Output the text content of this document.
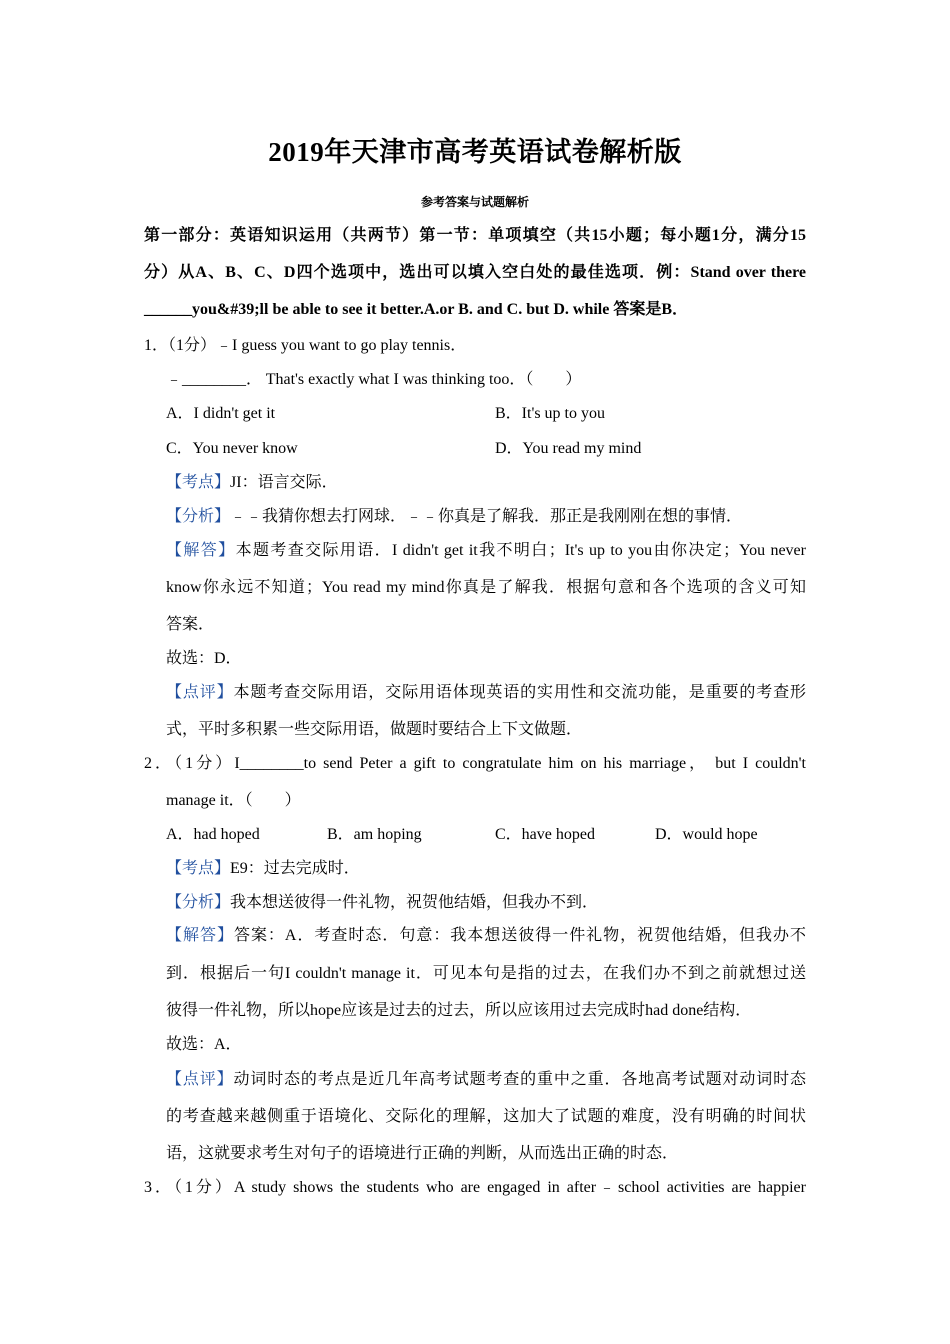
2019年天津市高考英语试卷解析版
参考答案与试题解析
第一部分：英语知识运用（共两节）第一节：单项填空（共15小题；每小题1分，满分15
分）从A、B、C、D四个选项中，选出可以填入空白处的最佳选项．例：Stand over there
______you&#39;ll be able to see it better.A.or B. and C. but D. while 答案是B．
1．（1分）﹣I guess you want to go play tennis．
﹣________． That's exactly what I was thinking too．（　　）
A．I didn't get it	B．It's up to you
C．You never know	D．You read my mind
【考点】JI：语言交际．
【分析】﹣﹣我猜你想去打网球．﹣﹣你真是了解我．那正是我刚刚在想的事情．
【解答】本题考查交际用语．I didn't get it我不明白；It's up to you由你决定；You never
know你永远不知道；You read my mind你真是了解我．根据句意和各个选项的含义可知
答案．
故选：D．
【点评】本题考查交际用语，交际用语体现英语的实用性和交流功能，是重要的考查形
式，平时多积累一些交际用语，做题时要结合上下文做题．
2．（1分）I________to send Peter a gift to congratulate him on his marriage， but I couldn't
manage it．（　　）
A．had hoped	B．am hoping	C．have hoped	D．would hope
【考点】E9：过去完成时．
【分析】我本想送彼得一件礼物，祝贺他结婚，但我办不到．
【解答】答案：A．考查时态．句意：我本想送彼得一件礼物，祝贺他结婚，但我办不
到．根据后一句I couldn't manage it．可见本句是指的过去，在我们办不到之前就想过送
彼得一件礼物，所以hope应该是过去的过去，所以应该用过去完成时had done结构．
故选：A．
【点评】动词时态的考点是近几年高考试题考查的重中之重．各地高考试题对动词时态
的考查越来越侧重于语境化、交际化的理解，这加大了试题的难度，没有明确的时间状
语，这就要求考生对句子的语境进行正确的判断，从而选出正确的时态．
3．（1分）A study shows the students who are engaged in after﹣school activities are happier
